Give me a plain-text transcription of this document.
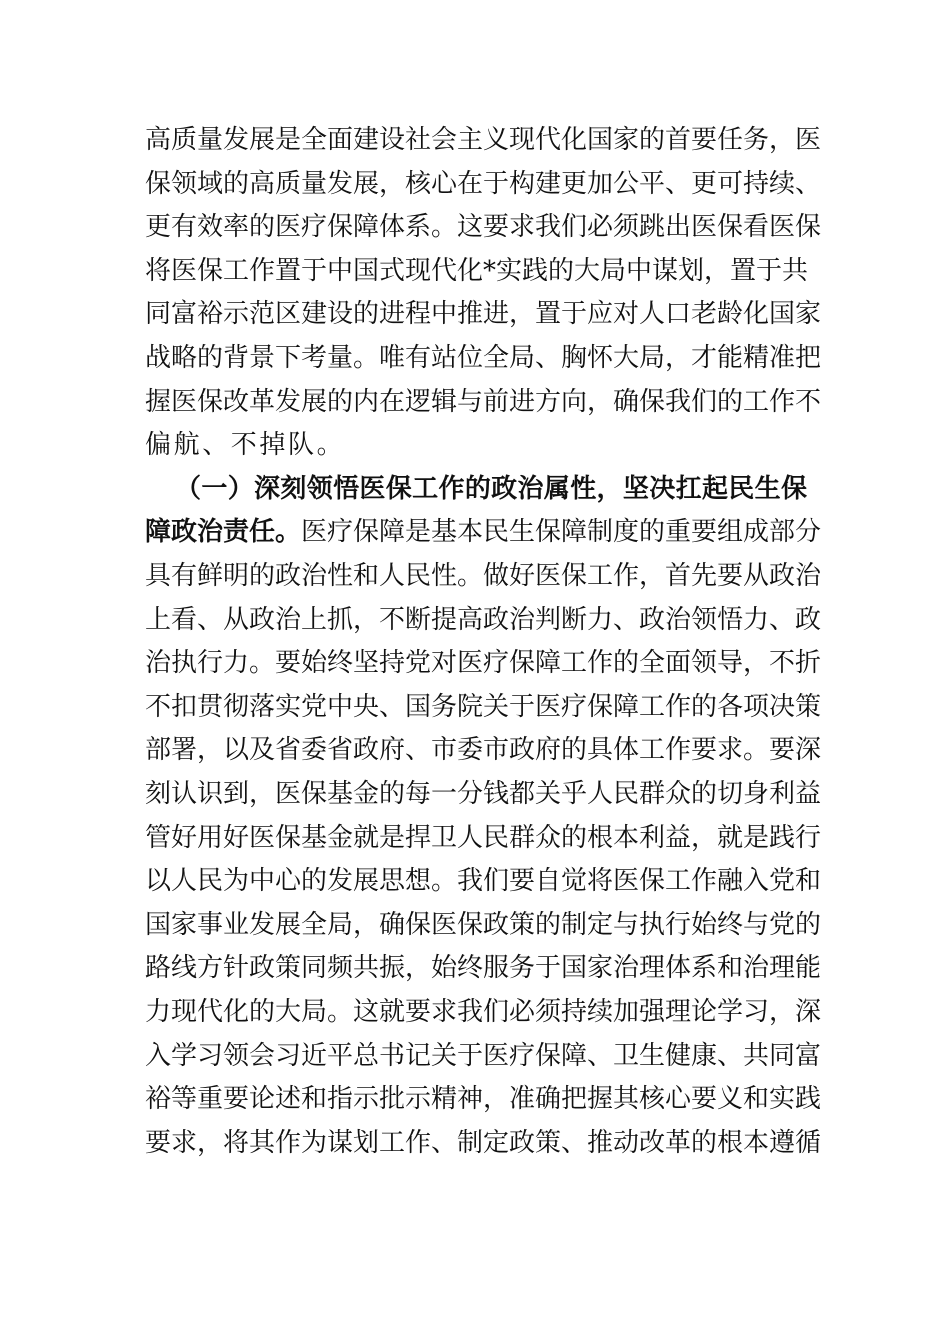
高质量发展是全面建设社会主义现代化国家的首要任务，医
保领域的高质量发展，核心在于构建更加公平、更可持续、
更有效率的医疗保障体系。这要求我们必须跳出医保看医保
将医保工作置于中国式现代化*实践的大局中谋划，置于共
同富裕示范区建设的进程中推进，置于应对人口老龄化国家
战略的背景下考量。唯有站位全局、胸怀大局，才能精准把
握医保改革发展的内在逻辑与前进方向，确保我们的工作不
偏航、不掉队。
（一）深刻领悟医保工作的政治属性，坚决扛起民生保
障政治责任。医疗保障是基本民生保障制度的重要组成部分
具有鲜明的政治性和人民性。做好医保工作，首先要从政治
上看、从政治上抓，不断提高政治判断力、政治领悟力、政
治执行力。要始终坚持党对医疗保障工作的全面领导，不折
不扣贯彻落实党中央、国务院关于医疗保障工作的各项决策
部署，以及省委省政府、市委市政府的具体工作要求。要深
刻认识到，医保基金的每一分钱都关乎人民群众的切身利益
管好用好医保基金就是捍卫人民群众的根本利益，就是践行
以人民为中心的发展思想。我们要自觉将医保工作融入党和
国家事业发展全局，确保医保政策的制定与执行始终与党的
路线方针政策同频共振，始终服务于国家治理体系和治理能
力现代化的大局。这就要求我们必须持续加强理论学习，深
入学习领会习近平总书记关于医疗保障、卫生健康、共同富
裕等重要论述和指示批示精神，准确把握其核心要义和实践
要求，将其作为谋划工作、制定政策、推动改革的根本遵循
